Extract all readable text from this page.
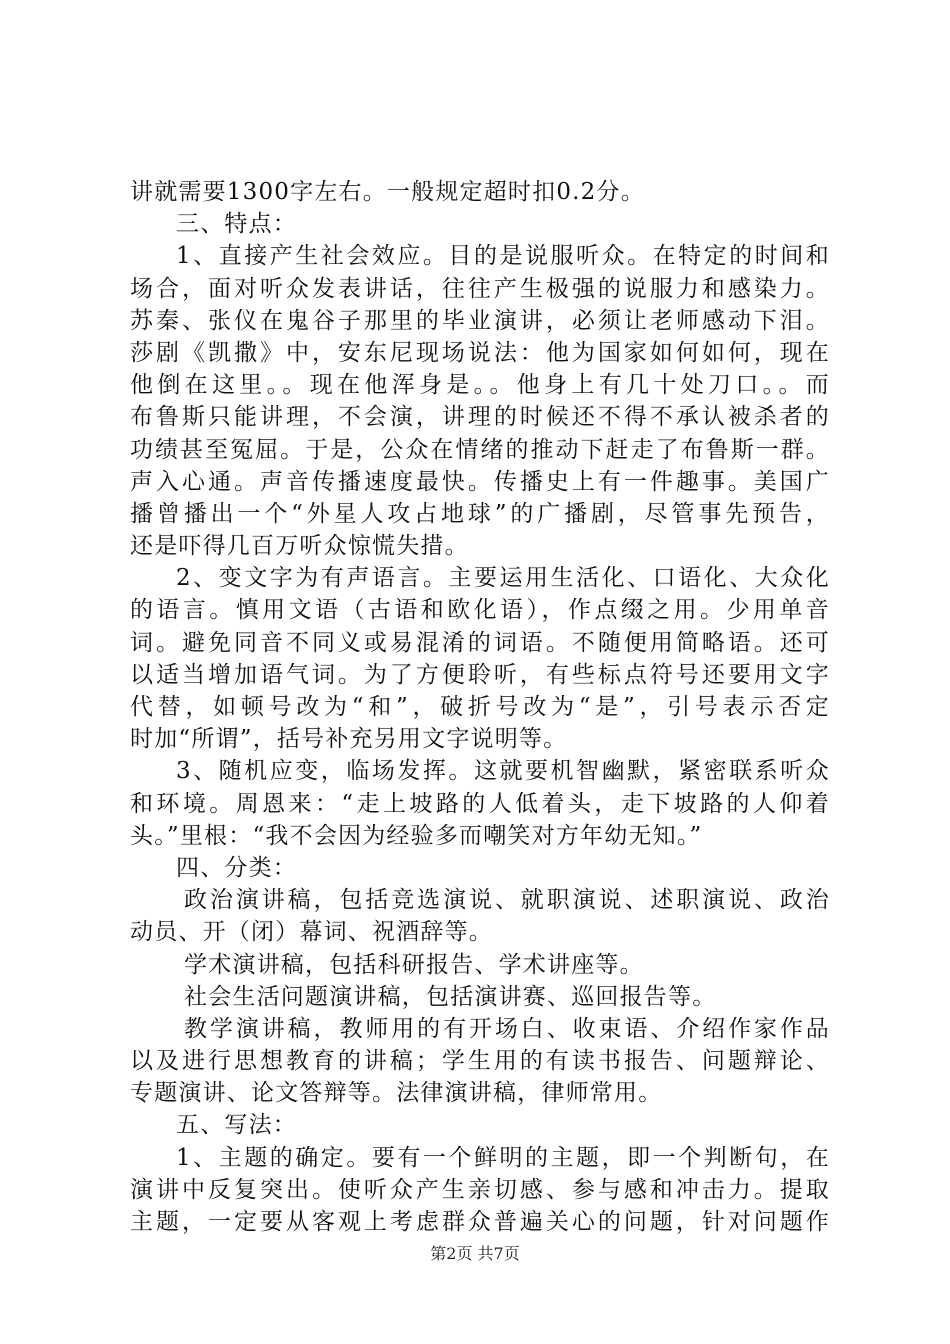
讲就需要1300字左右。一般规定超时扣0.2分。
三、特点：
1、直接产生社会效应。目的是说服听众。在特定的时间和
场合，面对听众发表讲话，往往产生极强的说服力和感染力。
苏秦、张仪在鬼谷子那里的毕业演讲，必须让老师感动下泪。
莎剧《凯撒》中，安东尼现场说法：他为国家如何如何，现在
他倒在这里。。现在他浑身是。。他身上有几十处刀口。。而
布鲁斯只能讲理，不会演，讲理的时候还不得不承认被杀者的
功绩甚至冤屈。于是，公众在情绪的推动下赶走了布鲁斯一群。
声入心通。声音传播速度最快。传播史上有一件趣事。美国广
播曾播出一个“外星人攻占地球”的广播剧，尽管事先预告，
还是吓得几百万听众惊慌失措。
2、变文字为有声语言。主要运用生活化、口语化、大众化
的语言。慎用文语（古语和欧化语），作点缀之用。少用单音
词。避免同音不同义或易混淆的词语。不随便用简略语。还可
以适当增加语气词。为了方便聆听，有些标点符号还要用文字
代替，如顿号改为“和”，破折号改为“是”，引号表示否定
时加“所谓”，括号补充另用文字说明等。
3、随机应变，临场发挥。这就要机智幽默，紧密联系听众
和环境。周恩来：“走上坡路的人低着头，走下坡路的人仰着
头。”里根：“我不会因为经验多而嘲笑对方年幼无知。”
四、分类：
政治演讲稿，包括竞选演说、就职演说、述职演说、政治
动员、开（闭）幕词、祝酒辞等。
学术演讲稿，包括科研报告、学术讲座等。
社会生活问题演讲稿，包括演讲赛、巡回报告等。
教学演讲稿，教师用的有开场白、收束语、介绍作家作品
以及进行思想教育的讲稿；学生用的有读书报告、问题辩论、
专题演讲、论文答辩等。法律演讲稿，律师常用。
五、写法：
1、主题的确定。要有一个鲜明的主题，即一个判断句，在
演讲中反复突出。使听众产生亲切感、参与感和冲击力。提取
主题，一定要从客观上考虑群众普遍关心的问题，针对问题作
第2页 共7页
